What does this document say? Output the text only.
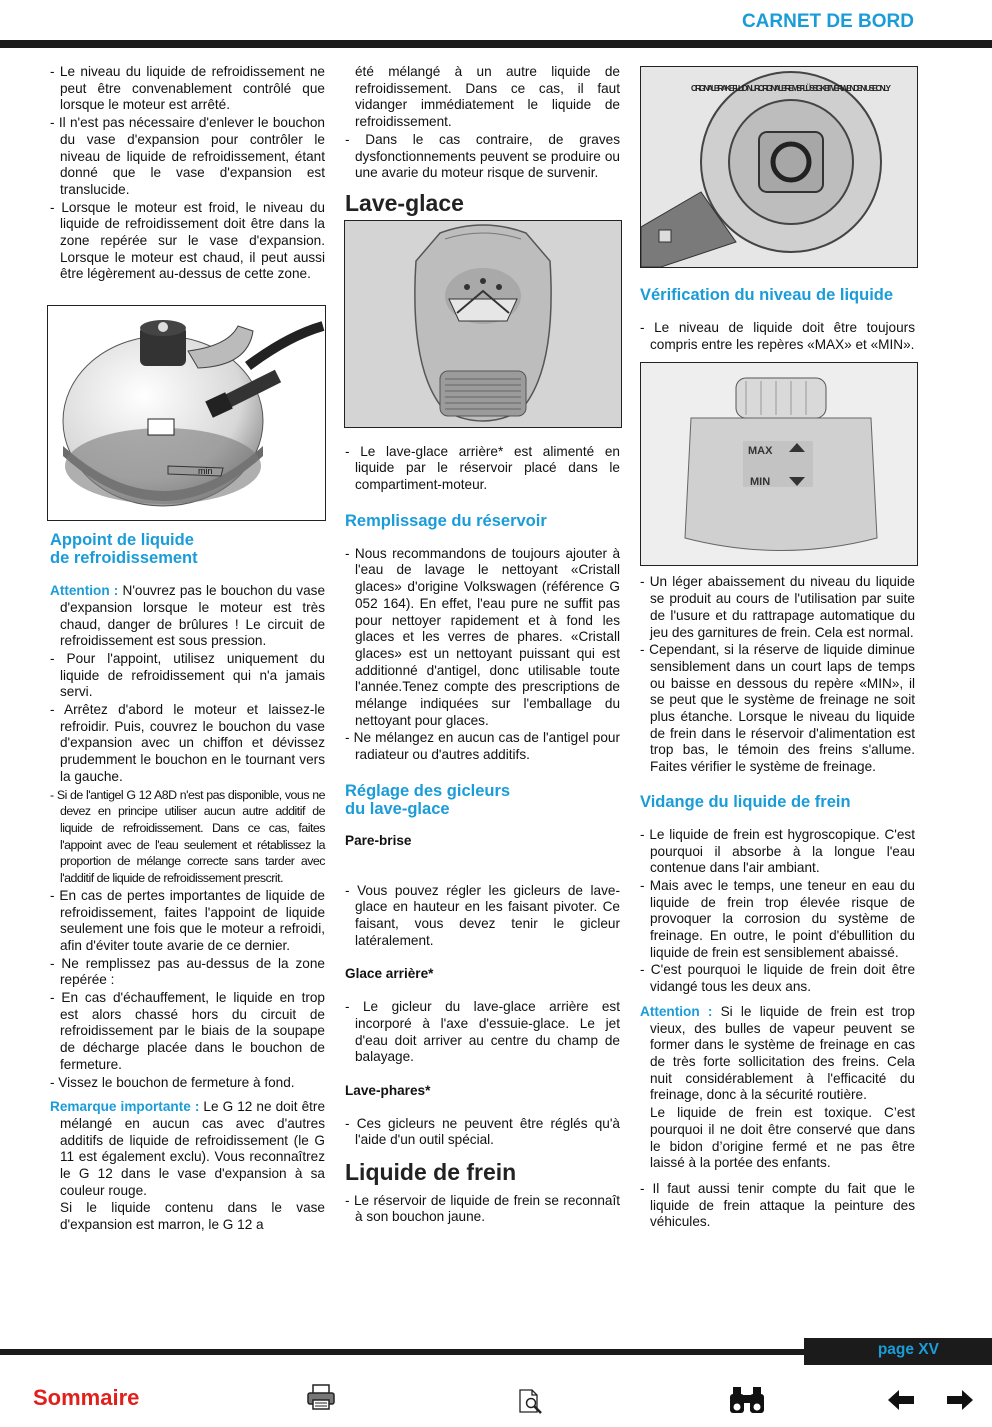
CARNET DE BORD

- Le niveau du liquide de refroidissement ne peut être convenablement contrôlé que lorsque le moteur est arrêté.

- Il n'est pas nécessaire d'enlever le bouchon du vase d'expansion pour contrôler le niveau de liquide de refroidissement, étant donné que le vase d'expansion est translucide.

- Lorsque le moteur est froid, le niveau du liquide de refroidissement doit être dans la zone repérée sur le vase d'expansion. Lorsque le moteur est chaud, il peut aussi être légèrement au-dessus de cette zone.

min
Appoint de liquide
de refroidissement

Attention : N'ouvrez pas le bouchon du vase d'expansion lorsque le moteur est très chaud, danger de brûlures ! Le circuit de refroidissement est sous pression.

- Pour l'appoint, utilisez uniquement du liquide de refroidissement qui n'a jamais servi.

- Arrêtez d'abord le moteur et laissez-le refroidir. Puis, couvrez le bouchon du vase d'expansion avec un chiffon et dévissez prudemment le bouchon en le tournant vers la gauche.

- Si de l'antigel G 12 A8D n'est pas disponible, vous ne devez en principe utiliser aucun autre additif de liquide de refroidissement. Dans ce cas, faites l'appoint avec de l'eau seulement et rétablissez la proportion de mélange correcte sans tarder avec l'additif de liquide de refroidissement prescrit.

- En cas de pertes importantes de liquide de refroidissement, faites l'appoint de liquide seulement une fois que le moteur a refroidi, afin d'éviter toute avarie de ce dernier.

- Ne remplissez pas au-dessus de la zone repérée :

- En cas d'échauffement, le liquide en trop est alors chassé hors du circuit de refroidissement par le biais de la soupape de décharge placée dans le bouchon de fermeture.

- Vissez le bouchon de fermeture à fond.

Remarque importante : Le G 12 ne doit être mélangé en aucun cas avec d'autres additifs de liquide de refroidissement (le G 11 est également exclu). Vous reconnaîtrez le G 12 dans le vase d'expansion à sa couleur rouge.

Si le liquide contenu dans le vase d'expansion est marron, le G 12 a

été mélangé à un autre liquide de refroidissement. Dans ce cas, il faut vidanger immédiatement le liquide de refroidissement.

- Dans le cas contraire, de graves dysfonctionnements peuvent se produire ou une avarie du moteur risque de survenir.

Lave-glace

- Le lave-glace arrière* est alimenté en liquide par le réservoir placé dans le compartiment-moteur.

Remplissage du réservoir

- Nous recommandons de toujours ajouter à l'eau de lavage le nettoyant «Cristall glaces» d'origine Volkswagen (référence G 052 164). En effet, l'eau pure ne suffit pas pour nettoyer rapidement et à fond les glaces et les verres de phares. «Cristall glaces» est un nettoyant puissant qui est additionné d'antigel, donc utilisable toute l'année.Tenez compte des prescriptions de mélange indiquées sur l'emballage du nettoyant pour glaces.

- Ne mélangez en aucun cas de l'antigel pour radiateur ou d'autres additifs.

Réglage des gicleurs
du lave-glace
Pare-brise

- Vous pouvez régler les gicleurs de lave-glace en hauteur en les faisant pivoter. Ce faisant, vous devez tenir le gicleur latéralement.

Glace arrière*

- Le gicleur du lave-glace arrière est incorporé à l'axe d'essuie-glace. Le jet d'eau doit arriver au centre du champ de balayage.

Lave-phares*

- Ces gicleurs ne peuvent être réglés qu'à l'aide d'un outil spécial.

Liquide de frein

- Le réservoir de liquide de frein se reconnaît à son bouchon jaune.

ORIGINAL BRAKE FLUID · NUR ORIGINAL BREMSFLÜSSIGKEIT VERWENDEN · USE ONLY
Vérification du niveau de liquide

- Le niveau de liquide doit être toujours compris entre les repères «MAX» et «MIN».

MAX
MIN

- Un léger abaissement du niveau du liquide se produit au cours de l'utilisation par suite de l'usure et du rattrapage automatique du jeu des garnitures de frein. Cela est normal.

- Cependant, si la réserve de liquide diminue sensiblement dans un court laps de temps ou baisse en dessous du repère «MIN», il se peut que le système de freinage ne soit plus étanche. Lorsque le niveau du liquide de frein dans le réservoir d'alimentation est trop bas, le témoin des freins s'allume. Faites vérifier le système de freinage.

Vidange du liquide de frein

- Le liquide de frein est hygroscopique. C'est pourquoi il absorbe à la longue l'eau contenue dans l'air ambiant.

- Mais avec le temps, une teneur en eau du liquide de frein trop élevée risque de provoquer la corrosion du système de freinage. En outre, le point d'ébullition du liquide de frein est sensiblement abaissé.

- C'est pourquoi le liquide de frein doit être vidangé tous les deux ans.

Attention : Si le liquide de frein est trop vieux, des bulles de vapeur peuvent se former dans le système de freinage en cas de très forte sollicitation des freins. Cela nuit considérablement à l'efficacité du freinage, donc à la sécurité routière.

Le liquide de frein est toxique. C’est pourquoi il ne doit être conservé que dans le bidon d’origine fermé et ne pas être laissé à la portée des enfants.

- Il faut aussi tenir compte du fait que le liquide de frein attaque la peinture des véhicules.

page XV
Sommaire
